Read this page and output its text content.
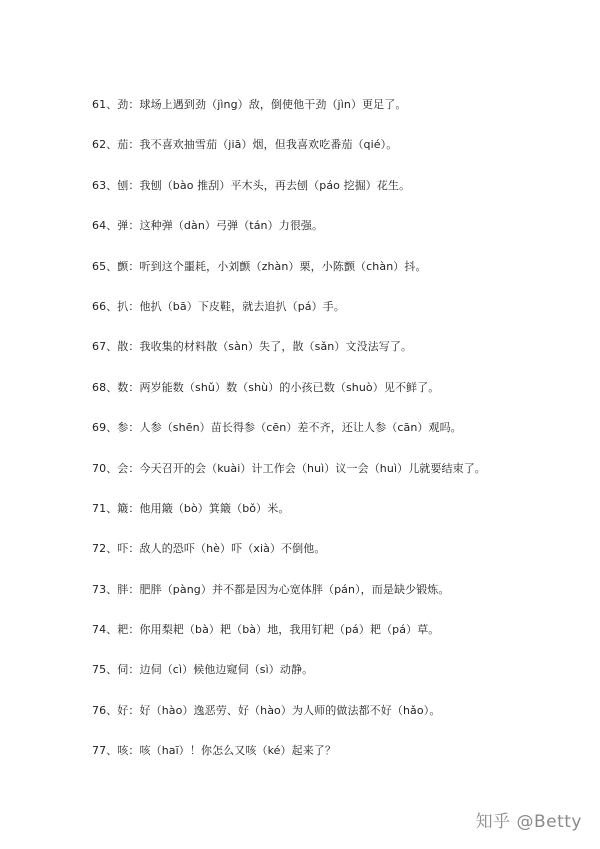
61、劲：球场上遇到劲（jìng）敌，倒使他干劲（jìn）更足了。
62、茄：我不喜欢抽雪茄（jiā）烟，但我喜欢吃番茄（qié）。
63、刨：我刨（bào 推刮）平木头，再去刨（páo 挖掘）花生。
64、弹：这种弹（dàn）弓弹（tán）力很强。
65、颤：听到这个噩耗，小刘颤（zhàn）栗，小陈颤（chàn）抖。
66、扒：他扒（bā）下皮鞋，就去追扒（pá）手。
67、散：我收集的材料散（sàn）失了，散（sǎn）文没法写了。
68、数：两岁能数（shǔ）数（shù）的小孩已数（shuò）见不鲜了。
69、参：人参（shēn）苗长得参（cēn）差不齐，还让人参（cān）观吗。
70、会：今天召开的会（kuài）计工作会（huì）议一会（huì）儿就要结束了。
71、簸：他用簸（bò）箕簸（bǒ）米。
72、吓：敌人的恐吓（hè）吓（xià）不倒他。
73、胖：肥胖（pàng）并不都是因为心宽体胖（pán），而是缺少锻炼。
74、耙：你用梨耙（bà）耙（bà）地，我用钉耙（pá）耙（pá）草。
75、伺：边伺（cì）候他边窥伺（sì）动静。
76、好：好（hào）逸恶劳、好（hào）为人师的做法都不好（hǎo）。
77、咳：咳（haī）！你怎么又咳（ké）起来了？
知乎 @Betty
